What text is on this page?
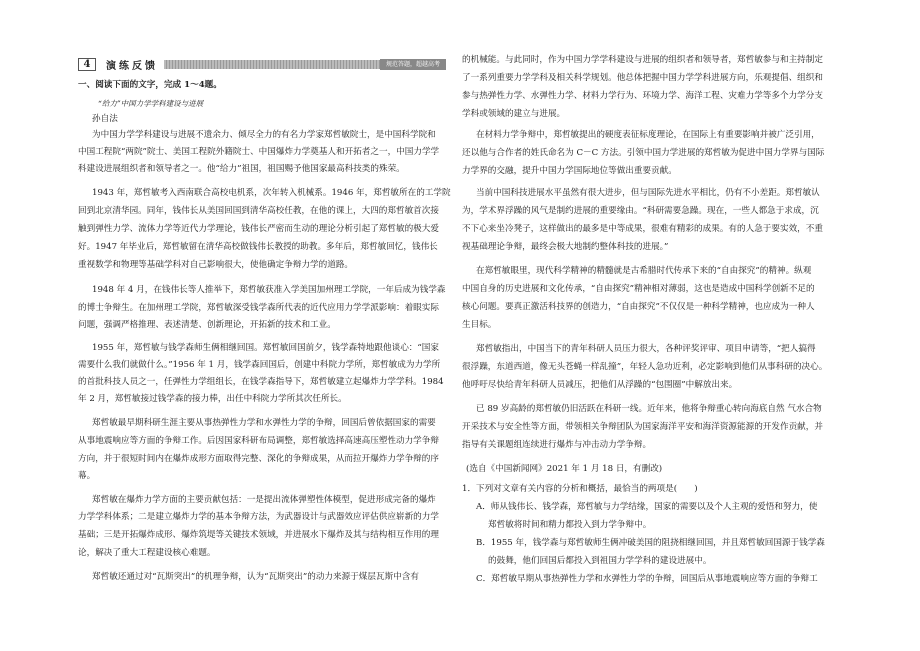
4	演练反馈	规范答题，超越高考
一、阅读下面的文字，完成 1～4题。
“给力”中国力学学科建设与进展
孙自法
为中国力学学科建设与进展不遗余力、倾尽全力的有名力学家郑哲敏院士，是中国科学院和
中国工程院“两院”院士、美国工程院外籍院士、中国爆炸力学奠基人和开拓者之一，中国力学学
科建设进展组织者和领导者之一。他“给力”祖国，祖国赐予他国家最高科技类的殊荣。
1943 年，郑哲敏考入西南联合高校电机系，次年转入机械系。1946 年，郑哲敏所在的工学院
回到北京清华园。同年，钱伟长从美国回国到清华高校任教，在他的课上，大四的郑哲敏首次接
触到弹性力学、流体力学等近代力学理论，钱伟长严密而生动的理论分析引起了郑哲敏的极大爱
好。1947 年毕业后，郑哲敏留在清华高校做钱伟长教授的助教。多年后，郑哲敏回忆，钱伟长
重视数学和物理等基础学科对自己影响很大，使他确定争辩力学的道路。
1948 年 4 月，在钱伟长等人推举下，郑哲敏获准入学美国加州理工学院，一年后成为钱学森
的博士争辩生。在加州理工学院，郑哲敏深受钱学森所代表的近代应用力学学派影响：着眼实际
问题，强调严格推理、表述清楚、创新理论，开拓新的技术和工业。
1955 年，郑哲敏与钱学森师生俩相继回国。郑哲敏回国前夕，钱学森特地跟他谈心：“国家
需要什么我们就做什么。”1956 年 1 月，钱学森回国后，创建中科院力学所，郑哲敏成为力学所
的首批科技人员之一，任弹性力学组组长，在钱学森指导下，郑哲敏建立起爆炸力学学科。1984
年 2 月，郑哲敏接过钱学森的接力棒，出任中科院力学所其次任所长。
郑哲敏最早期科研生涯主要从事热弹性力学和水弹性力学的争辩，回国后曾依据国家的需要
从事地震响应等方面的争辩工作。后因国家科研布局调整，郑哲敏选择高速高压塑性动力学争辩
方向，并于很短时间内在爆炸成形方面取得完整、深化的争辩成果，从而拉开爆炸力学争辩的序
幕。
郑哲敏在爆炸力学方面的主要贡献包括：一是提出流体弹塑性体模型，促进形成完备的爆炸
力学学科体系；二是建立爆炸力学的基本争辩方法，为武器设计与武器效应评估供应崭新的力学
基础；三是开拓爆炸成形、爆炸筑堤等关键技术领域，并进展水下爆炸及其与结构相互作用的理
论，解决了重大工程建设核心难题。
郑哲敏还通过对“瓦斯突出”的机理争辩，认为“瓦斯突出”的动力来源于煤层瓦斯中含有
的机械能。与此同时，作为中国力学学科建设与进展的组织者和领导者，郑哲敏参与和主持制定
了一系列重要力学学科及相关科学规划。他总体把握中国力学学科进展方向，乐观提倡、组织和
参与热弹性力学、水弹性力学、材料力学行为、环境力学、海洋工程、灾难力学等多个力学分支
学科或领域的建立与进展。
在材料力学争辩中，郑哲敏提出的硬度表征标度理论，在国际上有重要影响并被广泛引用，
还以他与合作者的姓氏命名为 C－C 方法。引领中国力学进展的郑哲敏为促进中国力学界与国际
力学界的交融，提升中国力学国际地位等做出重要贡献。
当前中国科技进展水平虽然有很大进步，但与国际先进水平相比，仍有不小差距。郑哲敏认
为，学术界浮躁的风气是制约进展的重要缘由。“科研需要急躁。现在，一些人都急于求成，沉
不下心来坐冷凳子，这样做出的最多是中等成果，很难有精彩的成果。有的人急于要实效，不重
视基础理论争辩，最终会极大地制约整体科技的进展。”
在郑哲敏眼里，现代科学精神的精髓就是古希腊时代传承下来的“自由探究”的精神。纵观
中国自身的历史进展和文化传承，“自由探究”精神相对薄弱，这也是造成中国科学创新不足的
核心问题。要真正激活科技界的创造力，“自由探究”不仅仅是一种科学精神，也应成为一种人
生目标。
郑哲敏指出，中国当下的青年科研人员压力很大，各种评奖评审、项目申请等，“把人搞得
很浮躁，东道西道，像无头苍蝇一样乱撞”，年轻人急功近利，必定影响到他们从事科研的决心。
他呼吁尽快给青年科研人员减压，把他们从浮躁的“包围圈”中解放出来。
已 89 岁高龄的郑哲敏仍旧活跃在科研一线。近年来，他将争辩重心转向海底自然 气水合物
开采技术与安全性等方面，带领相关争辩团队为国家海洋平安和海洋资源能源的开发作贡献，并
指导有关课题组连续进行爆炸与冲击动力学争辩。
(选自《中国新闻网》2021 年 1 月 18 日，有删改)
1．下列对文章有关内容的分析和概括，最恰当的两项是(　　)
A．师从钱伟长、钱学森，郑哲敏与力学结缘，国家的需要以及个人主观的爱悟和努力，使
郑哲敏将时间和精力都投入到力学争辩中。
B．1955 年，钱学森与郑哲敏师生俩冲破美国的阻挠相继回国，并且郑哲敏回国源于钱学森
的鼓舞，他们回国后都投入到祖国力学学科的建设进展中。
C．郑哲敏早期从事热弹性力学和水弹性力学的争辩，回国后从事地震响应等方面的争辩工
